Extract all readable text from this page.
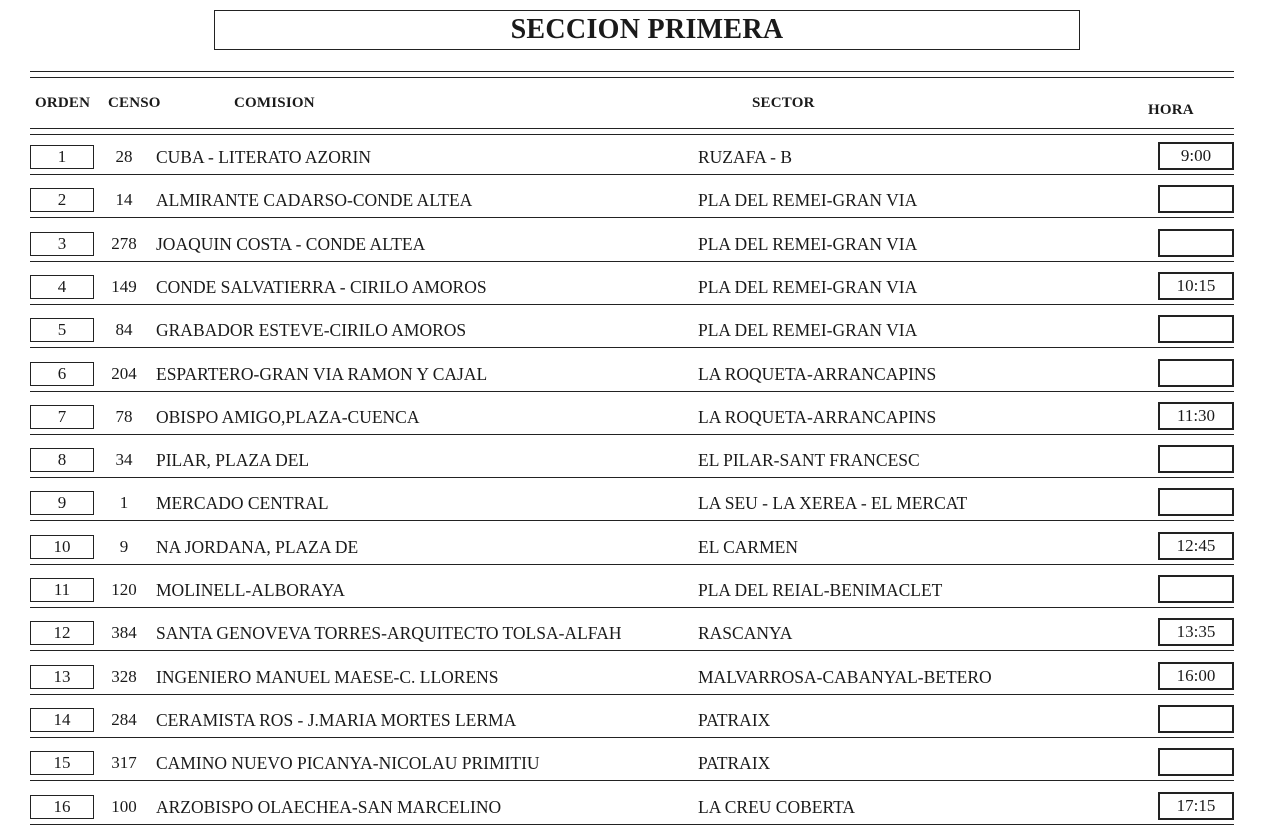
SECCION PRIMERA
ORDEN CENSO	COMISION	SECTOR	HORA
1	28	CUBA - LITERATO AZORIN	RUZAFA - B	9:00
2	14	ALMIRANTE CADARSO-CONDE ALTEA	PLA DEL REMEI-GRAN VIA
3	278	JOAQUIN COSTA - CONDE ALTEA	PLA DEL REMEI-GRAN VIA
4	149	CONDE SALVATIERRA - CIRILO AMOROS	PLA DEL REMEI-GRAN VIA	10:15
5	84	GRABADOR ESTEVE-CIRILO AMOROS	PLA DEL REMEI-GRAN VIA
6	204	ESPARTERO-GRAN VIA RAMON Y CAJAL	LA ROQUETA-ARRANCAPINS
7	78	OBISPO AMIGO,PLAZA-CUENCA	LA ROQUETA-ARRANCAPINS	11:30
8	34	PILAR, PLAZA DEL	EL PILAR-SANT FRANCESC
9	1	MERCADO CENTRAL	LA SEU - LA XEREA - EL MERCAT
10	9	NA JORDANA, PLAZA DE	EL CARMEN	12:45
11	120	MOLINELL-ALBORAYA	PLA DEL REIAL-BENIMACLET
12	384	SANTA GENOVEVA TORRES-ARQUITECTO TOLSA-ALFAH	RASCANYA	13:35
13	328	INGENIERO MANUEL MAESE-C. LLORENS	MALVARROSA-CABANYAL-BETERO	16:00
14	284	CERAMISTA ROS - J.MARIA MORTES LERMA	PATRAIX
15	317	CAMINO NUEVO PICANYA-NICOLAU PRIMITIU	PATRAIX
16	100	ARZOBISPO OLAECHEA-SAN MARCELINO	LA CREU COBERTA	17:15
